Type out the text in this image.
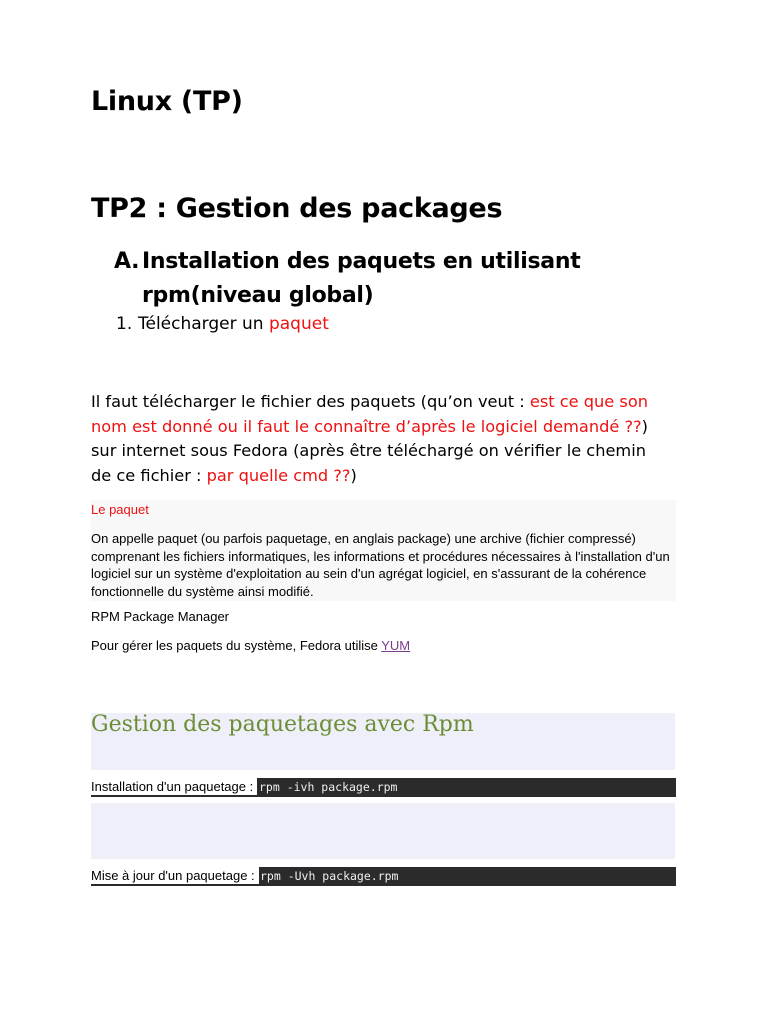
Linux (TP)
TP2 : Gestion des packages
A. Installation des paquets en utilisant rpm(niveau global)
1. Télécharger un paquet
Il faut télécharger le fichier des paquets (qu’on veut : est ce que son nom est donné ou il faut le connaître d’après le logiciel demandé ??) sur internet sous Fedora (après être téléchargé on vérifier le chemin de ce fichier : par quelle cmd ??)
Le paquet
On appelle paquet (ou parfois paquetage, en anglais package) une archive (fichier compressé) comprenant les fichiers informatiques, les informations et procédures nécessaires à l'installation d'un logiciel sur un système d'exploitation au sein d'un agrégat logiciel, en s'assurant de la cohérence fonctionnelle du système ainsi modifié.
RPM Package Manager
Pour gérer les paquets du système, Fedora utilise YUM
Gestion des paquetages avec Rpm
Installation d'un paquetage : rpm -ivh package.rpm
Mise à jour d'un paquetage : rpm -Uvh package.rpm
